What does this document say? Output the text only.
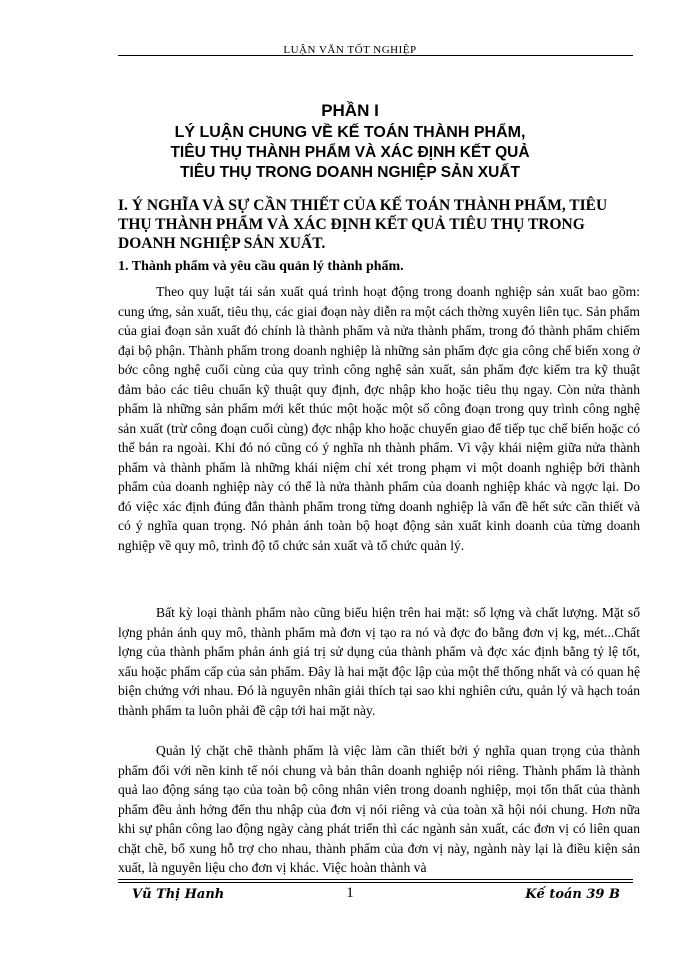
LUẬN VĂN TỐT NGHIỆP
PHẦN I
LÝ LUẬN CHUNG VỀ KẾ TOÁN THÀNH PHẨM,
TIÊU THỤ THÀNH PHẨM VÀ XÁC ĐỊNH KẾT QUẢ
TIÊU THỤ TRONG DOANH NGHIỆP SẢN XUẤT
I. Ý NGHĨA VÀ SỰ CẦN THIẾT CỦA KẾ TOÁN THÀNH PHẨM, TIÊU THỤ THÀNH PHẨM VÀ XÁC ĐỊNH KẾT QUẢ TIÊU THỤ TRONG DOANH NGHIỆP SẢN XUẤT.
1. Thành phẩm và yêu cầu quản lý thành phẩm.

Theo quy luật tái sản xuất quá trình hoạt động trong doanh nghiệp sản xuất bao gồm: cung ứng, sản xuất, tiêu thụ, các giai đoạn này diễn ra một cách thờng xuyên liên tục. Sản phẩm của giai đoạn sản xuất đó chính là thành phẩm và nửa thành phẩm, trong đó thành phẩm chiếm đại bộ phận. Thành phẩm trong doanh nghiệp là những sản phẩm đợc gia công chế biến xong ở bớc công nghệ cuối cùng của quy trình công nghệ sản xuất, sản phẩm đợc kiểm tra kỹ thuật đảm bảo các tiêu chuẩn kỹ thuật quy định, đợc nhập kho hoặc tiêu thụ ngay. Còn nửa thành phẩm là những sản phẩm mới kết thúc một hoặc một số công đoạn trong quy trình công nghệ sản xuất (trừ công đoạn cuối cùng) đợc nhập kho hoặc chuyển giao để tiếp tục chế biến hoặc có thể bán ra ngoài. Khi đó nó cũng có ý nghĩa nh thành phẩm. Vì vậy khái niệm giữa nửa thành phẩm và thành phẩm là những khái niệm chỉ xét trong phạm vi một doanh nghiệp bởi thành phẩm của doanh nghiệp này có thể là nửa thành phẩm của doanh nghiệp khác và ngợc lại. Do đó việc xác định đúng đắn thành phẩm trong từng doanh nghiệp là vấn đề hết sức cần thiết và có ý nghĩa quan trọng. Nó phản ánh toàn bộ hoạt động sản xuất kinh doanh của từng doanh nghiệp về quy mô, trình độ tổ chức sản xuất và tổ chức quản lý.

Bất kỳ loại thành phẩm nào cũng biểu hiện trên hai mặt: số lợng và chất lượng. Mặt số lợng phản ánh quy mô, thành phẩm mà đơn vị tạo ra nó và đợc đo bằng đơn vị kg, mét...Chất lợng của thành phẩm phản ánh giá trị sử dụng của thành phẩm và đợc xác định bằng tỷ lệ tốt, xấu hoặc phẩm cấp của sản phẩm. Đây là hai mặt độc lập của một thể thống nhất và có quan hệ biện chứng với nhau. Đó là nguyên nhân giải thích tại sao khi nghiên cứu, quản lý và hạch toán thành phẩm ta luôn phải đề cập tới hai mặt này.

Quản lý chặt chẽ thành phẩm là việc làm cần thiết bởi ý nghĩa quan trọng của thành phẩm đối với nền kinh tế nói chung và bản thân doanh nghiệp nói riêng. Thành phẩm là thành quả lao động sáng tạo của toàn bộ công nhân viên trong doanh nghiệp, mọi tổn thất của thành phẩm đều ảnh hởng đến thu nhập của đơn vị nói riêng và của toàn xã hội nói chung. Hơn nữa khi sự phân công lao động ngày càng phát triển thì các ngành sản xuất, các đơn vị có liên quan chặt chẽ, bổ xung hỗ trợ cho nhau, thành phẩm của đơn vị này, ngành này lại là điều kiện sản xuất, là nguyên liệu cho đơn vị khác. Việc hoàn thành và

Vũ Thị Hanh	1	Kế toán 39 B
